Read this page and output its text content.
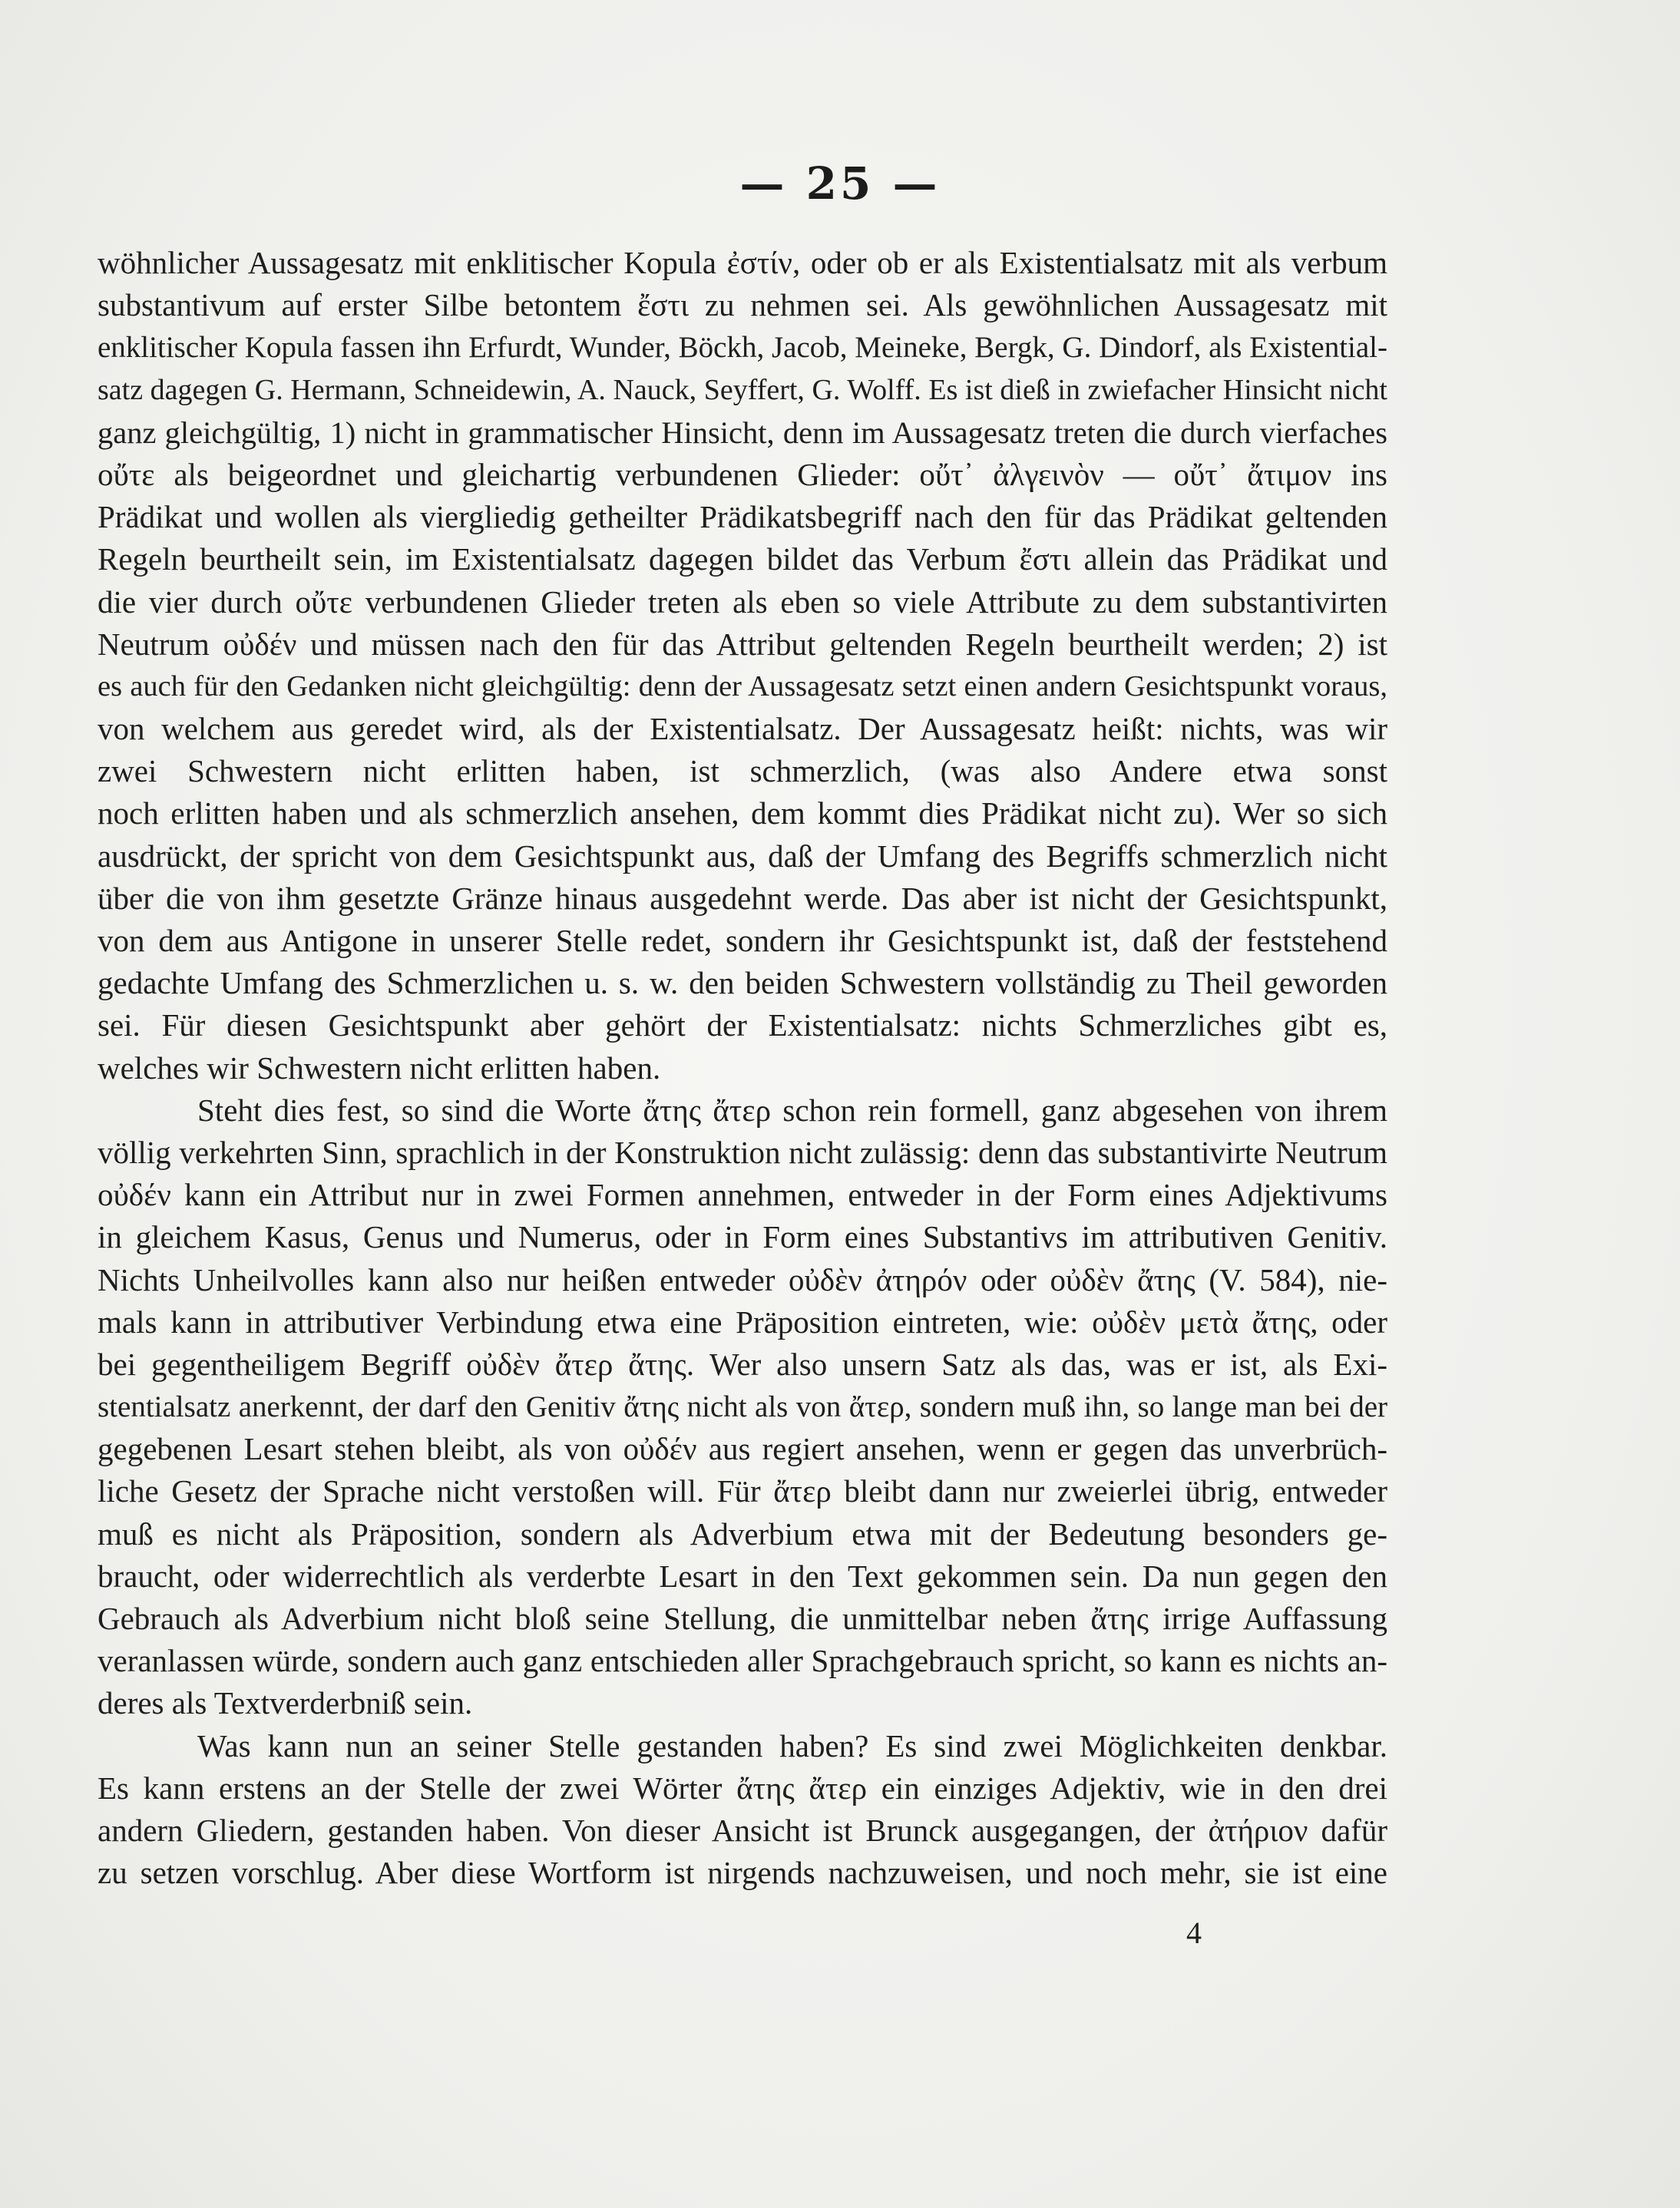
— 25 —
wöhnlicher Aussagesatz mit enklitischer Kopula ἐστίν, oder ob er als Existentialsatz mit als verbum
substantivum auf erster Silbe betontem ἔστι zu nehmen sei. Als gewöhnlichen Aussagesatz mit
enklitischer Kopula fassen ihn Erfurdt, Wunder, Böckh, Jacob, Meineke, Bergk, G. Dindorf, als Existential-
satz dagegen G. Hermann, Schneidewin, A. Nauck, Seyffert, G. Wolff. Es ist dieß in zwiefacher Hinsicht nicht
ganz gleichgültig, 1) nicht in grammatischer Hinsicht, denn im Aussagesatz treten die durch vierfaches
οὔτε als beigeordnet und gleichartig verbundenen Glieder: οὔτ᾽ ἀλγεινὸν — οὔτ᾽ ἄτιμον ins
Prädikat und wollen als viergliedig getheilter Prädikatsbegriff nach den für das Prädikat geltenden
Regeln beurtheilt sein, im Existentialsatz dagegen bildet das Verbum ἔστι allein das Prädikat und
die vier durch οὔτε verbundenen Glieder treten als eben so viele Attribute zu dem substantivirten
Neutrum οὐδέν und müssen nach den für das Attribut geltenden Regeln beurtheilt werden; 2) ist
es auch für den Gedanken nicht gleichgültig: denn der Aussagesatz setzt einen andern Gesichtspunkt voraus,
von welchem aus geredet wird, als der Existentialsatz. Der Aussagesatz heißt: nichts, was wir
zwei Schwestern nicht erlitten haben, ist schmerzlich, (was also Andere etwa sonst
noch erlitten haben und als schmerzlich ansehen, dem kommt dies Prädikat nicht zu). Wer so sich
ausdrückt, der spricht von dem Gesichtspunkt aus, daß der Umfang des Begriffs schmerzlich nicht
über die von ihm gesetzte Gränze hinaus ausgedehnt werde. Das aber ist nicht der Gesichtspunkt,
von dem aus Antigone in unserer Stelle redet, sondern ihr Gesichtspunkt ist, daß der feststehend
gedachte Umfang des Schmerzlichen u. s. w. den beiden Schwestern vollständig zu Theil geworden
sei. Für diesen Gesichtspunkt aber gehört der Existentialsatz: nichts Schmerzliches gibt es,
welches wir Schwestern nicht erlitten haben.
Steht dies fest, so sind die Worte ἄτης ἄτερ schon rein formell, ganz abgesehen von ihrem
völlig verkehrten Sinn, sprachlich in der Konstruktion nicht zulässig: denn das substantivirte Neutrum
οὐδέν kann ein Attribut nur in zwei Formen annehmen, entweder in der Form eines Adjektivums
in gleichem Kasus, Genus und Numerus, oder in Form eines Substantivs im attributiven Genitiv.
Nichts Unheilvolles kann also nur heißen entweder οὐδὲν ἀτηρόν oder οὐδὲν ἄτης (V. 584), nie-
mals kann in attributiver Verbindung etwa eine Präposition eintreten, wie: οὐδὲν μετὰ ἄτης, oder
bei gegentheiligem Begriff οὐδὲν ἄτερ ἄτης. Wer also unsern Satz als das, was er ist, als Exi-
stentialsatz anerkennt, der darf den Genitiv ἄτης nicht als von ἄτερ, sondern muß ihn, so lange man bei der
gegebenen Lesart stehen bleibt, als von οὐδέν aus regiert ansehen, wenn er gegen das unverbrüch-
liche Gesetz der Sprache nicht verstoßen will. Für ἄτερ bleibt dann nur zweierlei übrig, entweder
muß es nicht als Präposition, sondern als Adverbium etwa mit der Bedeutung besonders ge-
braucht, oder widerrechtlich als verderbte Lesart in den Text gekommen sein. Da nun gegen den
Gebrauch als Adverbium nicht bloß seine Stellung, die unmittelbar neben ἄτης irrige Auffassung
veranlassen würde, sondern auch ganz entschieden aller Sprachgebrauch spricht, so kann es nichts an-
deres als Textverderbniß sein.
Was kann nun an seiner Stelle gestanden haben? Es sind zwei Möglichkeiten denkbar.
Es kann erstens an der Stelle der zwei Wörter ἄτης ἄτερ ein einziges Adjektiv, wie in den drei
andern Gliedern, gestanden haben. Von dieser Ansicht ist Brunck ausgegangen, der ἀτήριον dafür
zu setzen vorschlug. Aber diese Wortform ist nirgends nachzuweisen, und noch mehr, sie ist eine
4
